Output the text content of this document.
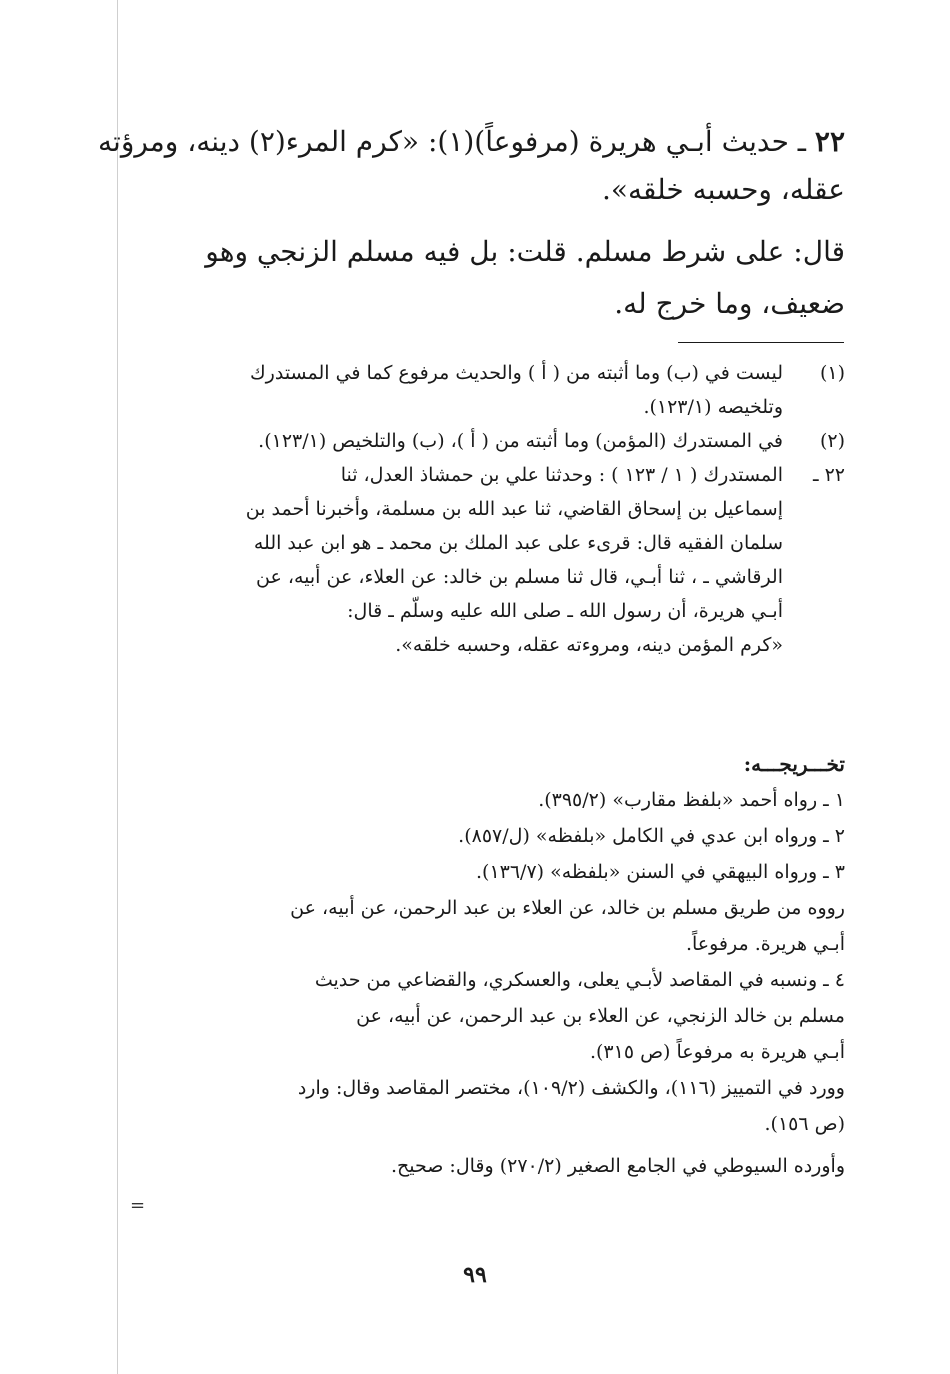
٢٢ ـ حديث أبـي هريرة (مرفوعاً)(١): «كرم المرء(٢) دينه، ومرؤته
عقله، وحسبه خلقه».
قال: على شرط مسلم. قلت: بل فيه مسلم الزنجي وهو
ضعيف، وما خرج له.
(١)
ليست في (ب) وما أثبته من ( أ ) والحديث مرفوع كما في المستدرك
وتلخيصه (١٢٣/١).
(٢)
في المستدرك (المؤمن) وما أثبته من ( أ )، (ب) والتلخيص (١٢٣/١).
٢٢ ـ
المستدرك ( ١ / ١٢٣ ) : وحدثنا علي بن حمشاذ العدل، ثنا
إسماعيل بن إسحاق القاضي، ثنا عبد الله بن مسلمة، وأخبرنا أحمد بن
سلمان الفقيه قال: قرىء على عبد الملك بن محمد ـ هو ابن عبد الله
الرقاشي ـ ، ثنا أبـي، قال ثنا مسلم بن خالد: عن العلاء، عن أبيه، عن
أبـي هريرة، أن رسول الله ـ صلى الله عليه وسلّم ـ قال:
«كرم المؤمن دينه، ومروءته عقله، وحسبه خلقه».
تخـــريجـــه:
١ ـ رواه أحمد «بلفظ مقارب» (٣٩٥/٢).
٢ ـ ورواه ابن عدي في الكامل «بلفظه» (ل/٨٥٧).
٣ ـ ورواه البيهقي في السنن «بلفظه» (١٣٦/٧).
رووه من طريق مسلم بن خالد، عن العلاء بن عبد الرحمن، عن أبيه، عن
أبـي هريرة. مرفوعاً.
٤ ـ ونسبه في المقاصد لأبـي يعلى، والعسكري، والقضاعي من حديث
مسلم بن خالد الزنجي، عن العلاء بن عبد الرحمن، عن أبيه، عن
أبـي هريرة به مرفوعاً (ص ٣١٥).
وورد في التمييز (١١٦)، والكشف (١٠٩/٢)، مختصر المقاصد وقال: وارد
(ص ١٥٦).
وأورده السيوطي في الجامع الصغير (٢٧٠/٢) وقال: صحيح.
=
٩٩
